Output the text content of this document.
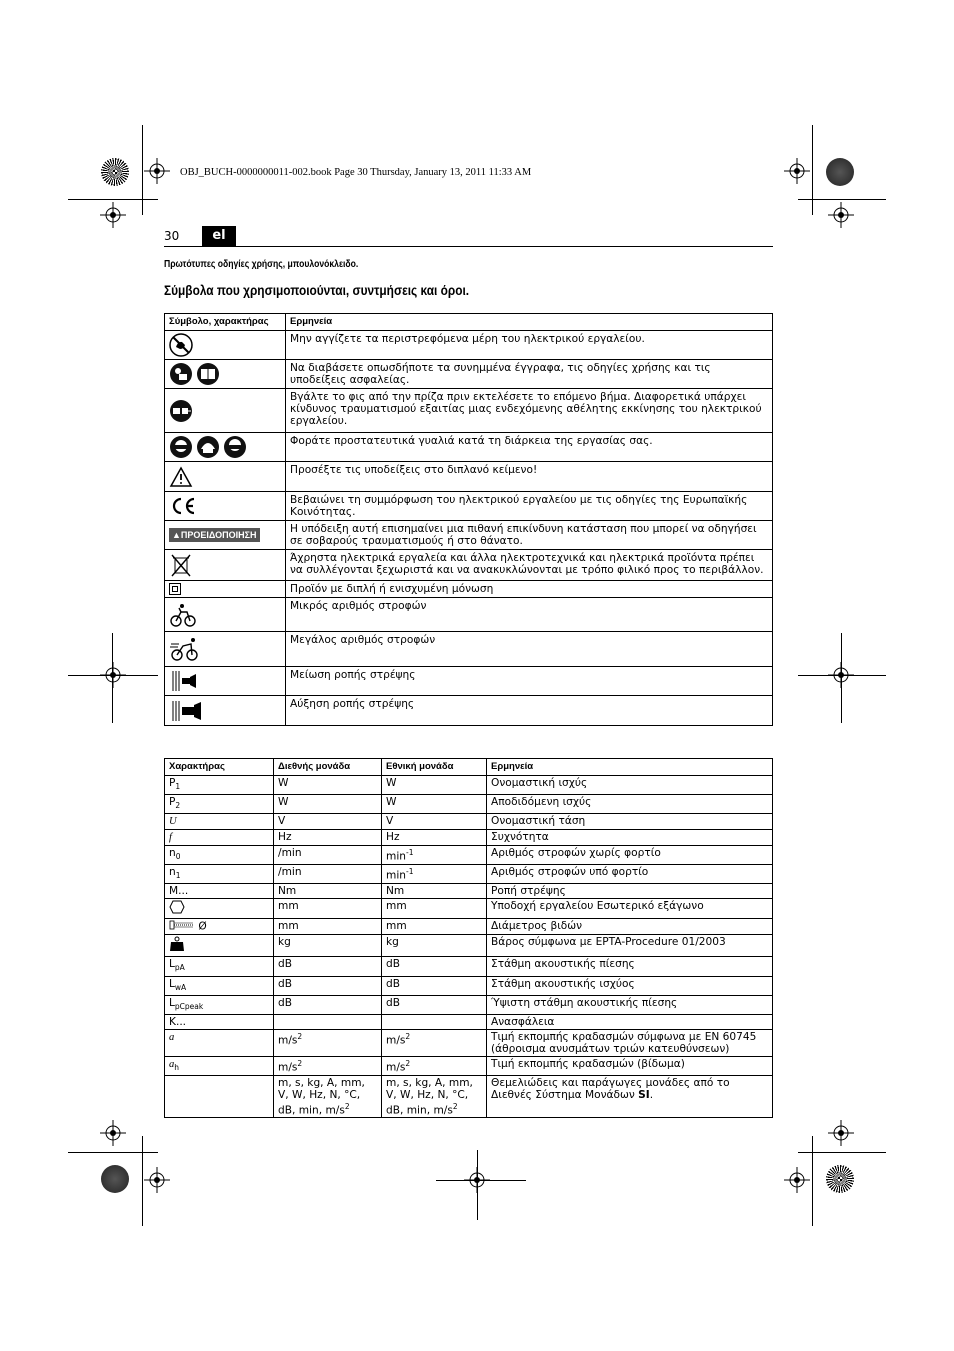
OBJ_BUCH-0000000011-002.book Page 30 Thursday, January 13, 2011 11:33 AM
30	el
Πρωτότυπες οδηγίες χρήσης, μπουλονόκλειδο.
Σύμβολα που χρησιμοποιούνται, συντμήσεις και όροι.
Σύμβολο, χαρακτήρας	Ερμηνεία
	Μην αγγίζετε τα περιστρεφόμενα μέρη του ηλεκτρικού εργαλείου.
	Να διαβάσετε οπωσδήποτε τα συνημμένα έγγραφα, τις οδηγίες χρήσης και τις υποδείξεις ασφαλείας.
	Βγάλτε το φις από την πρίζα πριν εκτελέσετε το επόμενο βήμα. Διαφορετικά υπάρχει κίνδυνος τραυματισμού εξαιτίας μιας ενδεχόμενης αθέλητης εκκίνησης του ηλεκτρικού εργαλείου.
	Φοράτε προστατευτικά γυαλιά κατά τη διάρκεια της εργασίας σας.
	Προσέξτε τις υποδείξεις στο διπλανό κείμενο!
	Βεβαιώνει τη συμμόρφωση του ηλεκτρικού εργαλείου με τις οδηγίες της Ευρωπαϊκής Κοινότητας.
▲ΠΡΟΕΙΔΟΠΟΙΗΣΗ	Η υπόδειξη αυτή επισημαίνει μια πιθανή επικίνδυνη κατάσταση που μπορεί να οδηγήσει σε σοβαρούς τραυματισμούς ή στο θάνατο.
	Άχρηστα ηλεκτρικά εργαλεία και άλλα ηλεκτροτεχνικά και ηλεκτρικά προϊόντα πρέπει να συλλέγονται ξεχωριστά και να ανακυκλώνονται με τρόπο φιλικό προς το περιβάλλον.
	Προϊόν με διπλή ή ενισχυμένη μόνωση
	Μικρός αριθμός στροφών
	Μεγάλος αριθμός στροφών
	Μείωση ροπής στρέψης
	Αύξηση ροπής στρέψης
Χαρακτήρας	Διεθνής μονάδα	Εθνική μονάδα	Ερμηνεία
$P_1$	W	W	Ονομαστική ισχύς
$P_2$	W	W	Αποδιδόμενη ισχύς
U	V	V	Ονομαστική τάση
f	Hz	Hz	Συχνότητα
$n_0$	/min	$\min^{-1}$	Αριθμός στροφών χωρίς φορτίο
$n_1$	/min	$\min^{-1}$	Αριθμός στροφών υπό φορτίο
M...	Nm	Nm	Ροπή στρέψης
	mm	mm	Υποδοχή εργαλείου Εσωτερικό εξάγωνο
Ø	mm	mm	Διάμετρος βιδών
	kg	kg	Βάρος σύμφωνα με EPTA-Procedure 01/2003
$L_{pA}$	dB	dB	Στάθμη ακουστικής πίεσης
$L_{wA}$	dB	dB	Στάθμη ακουστικής ισχύος
$L_{pCpeak}$	dB	dB	Ύψιστη στάθμη ακουστικής πίεσης
K...			Ανασφάλεια
a	$m/s^2$	$m/s^2$	Τιμή εκπομπής κραδασμών σύμφωνα με EN 60745 (άθροισμα ανυσμάτων τριών κατευθύνσεων)
$a_h$	$m/s^2$	$m/s^2$	Τιμή εκπομπής κραδασμών (βίδωμα)
	m, s, kg, A, mm, V, W, Hz, N, °C, dB, min, $m/s^2$	m, s, kg, A, mm, V, W, Hz, N, °C, dB, min, $m/s^2$	Θεμελιώδεις και παράγωγες μονάδες από το Διεθνές Σύστημα Μονάδων SI.
